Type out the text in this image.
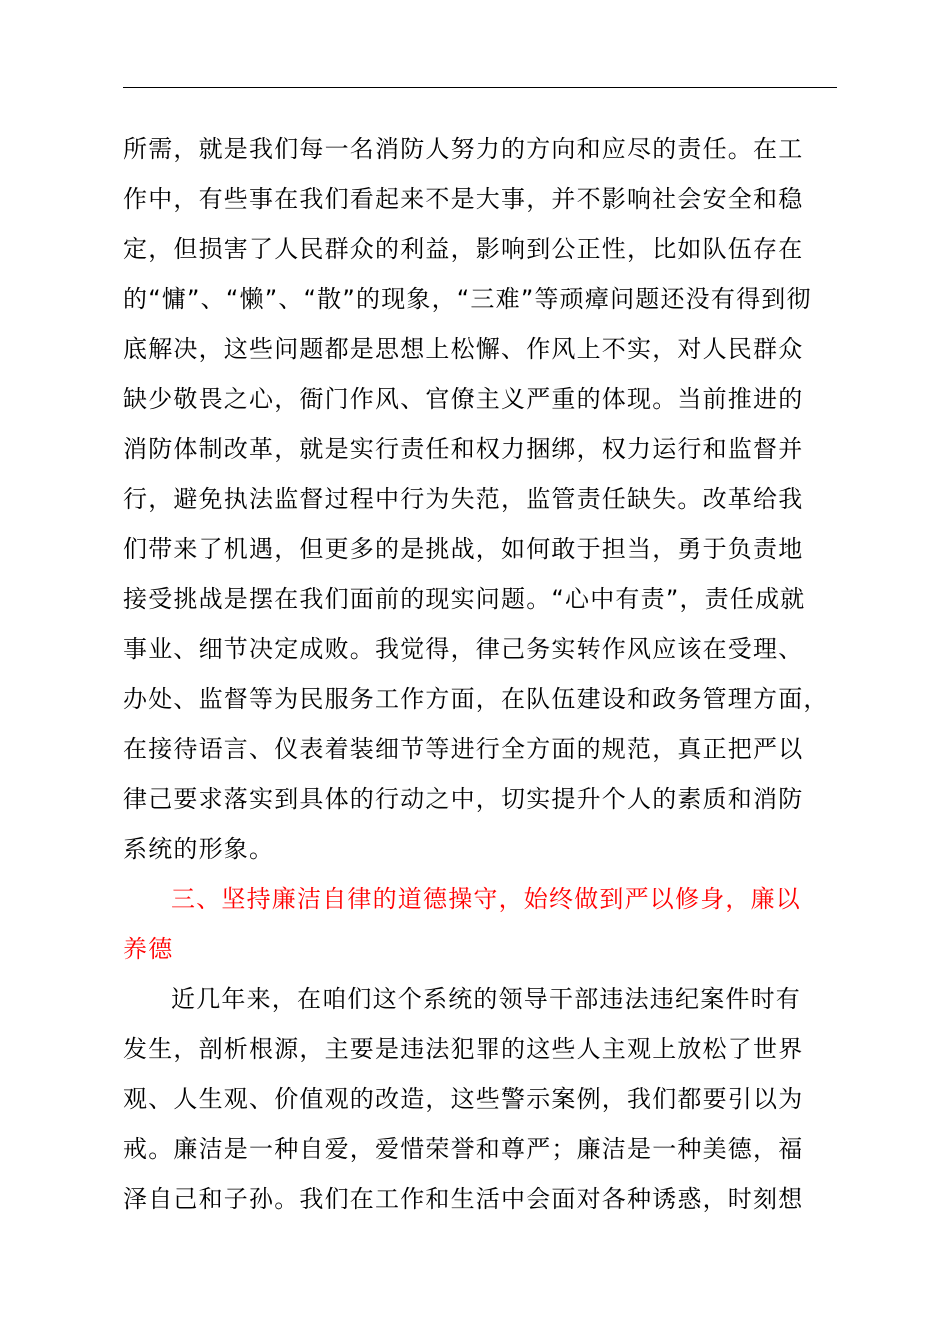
所需，就是我们每一名消防人努力的方向和应尽的责任。在工
作中，有些事在我们看起来不是大事，并不影响社会安全和稳
定，但损害了人民群众的利益，影响到公正性，比如队伍存在
的“慵”、“懒”、“散”的现象，“三难”等顽瘴问题还没有得到彻
底解决，这些问题都是思想上松懈、作风上不实，对人民群众
缺少敬畏之心，衙门作风、官僚主义严重的体现。当前推进的
消防体制改革，就是实行责任和权力捆绑，权力运行和监督并
行，避免执法监督过程中行为失范，监管责任缺失。改革给我
们带来了机遇，但更多的是挑战，如何敢于担当，勇于负责地
接受挑战是摆在我们面前的现实问题。“心中有责”，责任成就
事业、细节决定成败。我觉得，律己务实转作风应该在受理、
办处、监督等为民服务工作方面，在队伍建设和政务管理方面，
在接待语言、仪表着装细节等进行全方面的规范，真正把严以
律己要求落实到具体的行动之中，切实提升个人的素质和消防
系统的形象。
三、坚持廉洁自律的道德操守，始终做到严以修身，廉以
养德
近几年来，在咱们这个系统的领导干部违法违纪案件时有
发生，剖析根源，主要是违法犯罪的这些人主观上放松了世界
观、人生观、价值观的改造，这些警示案例，我们都要引以为
戒。廉洁是一种自爱，爱惜荣誉和尊严；廉洁是一种美德，福
泽自己和子孙。我们在工作和生活中会面对各种诱惑，时刻想
